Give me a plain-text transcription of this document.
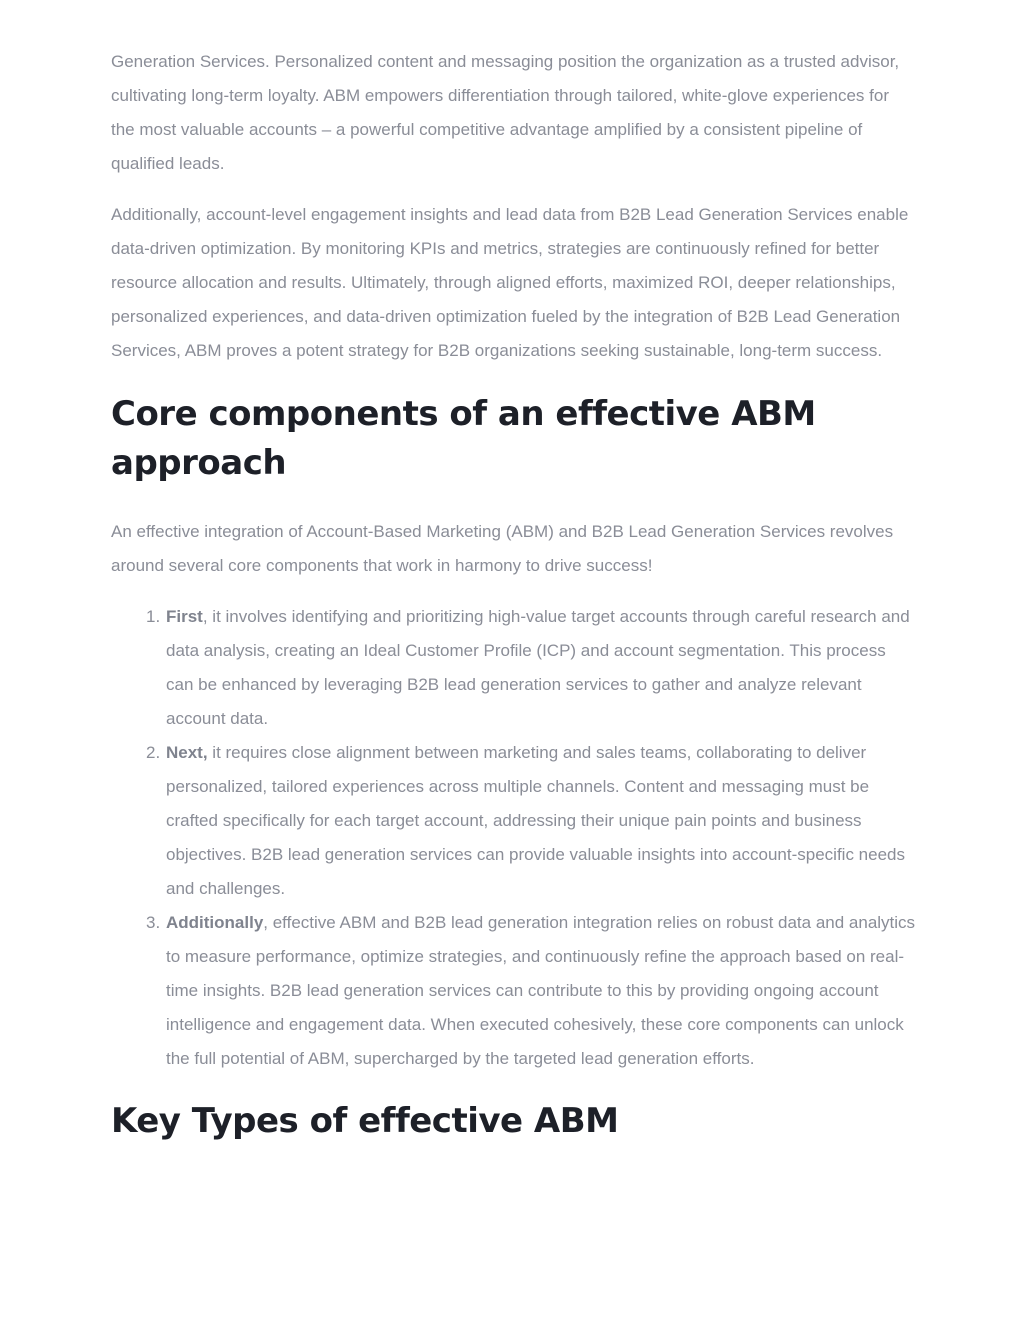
Generation Services. Personalized content and messaging position the organization as a trusted advisor, cultivating long-term loyalty. ABM empowers differentiation through tailored, white-glove experiences for the most valuable accounts – a powerful competitive advantage amplified by a consistent pipeline of qualified leads.

Additionally, account-level engagement insights and lead data from B2B Lead Generation Services enable data-driven optimization. By monitoring KPIs and metrics, strategies are continuously refined for better resource allocation and results. Ultimately, through aligned efforts, maximized ROI, deeper relationships, personalized experiences, and data-driven optimization fueled by the integration of B2B Lead Generation Services, ABM proves a potent strategy for B2B organizations seeking sustainable, long-term success.

Core components of an effective ABM approach

An effective integration of Account-Based Marketing (ABM) and B2B Lead Generation Services revolves around several core components that work in harmony to drive success!

1. First, it involves identifying and prioritizing high-value target accounts through careful research and data analysis, creating an Ideal Customer Profile (ICP) and account segmentation. This process can be enhanced by leveraging B2B lead generation services to gather and analyze relevant account data.
2. Next, it requires close alignment between marketing and sales teams, collaborating to deliver personalized, tailored experiences across multiple channels. Content and messaging must be crafted specifically for each target account, addressing their unique pain points and business objectives. B2B lead generation services can provide valuable insights into account-specific needs and challenges.
3. Additionally, effective ABM and B2B lead generation integration relies on robust data and analytics to measure performance, optimize strategies, and continuously refine the approach based on real-time insights. B2B lead generation services can contribute to this by providing ongoing account intelligence and engagement data. When executed cohesively, these core components can unlock the full potential of ABM, supercharged by the targeted lead generation efforts.
Key Types of effective ABM
